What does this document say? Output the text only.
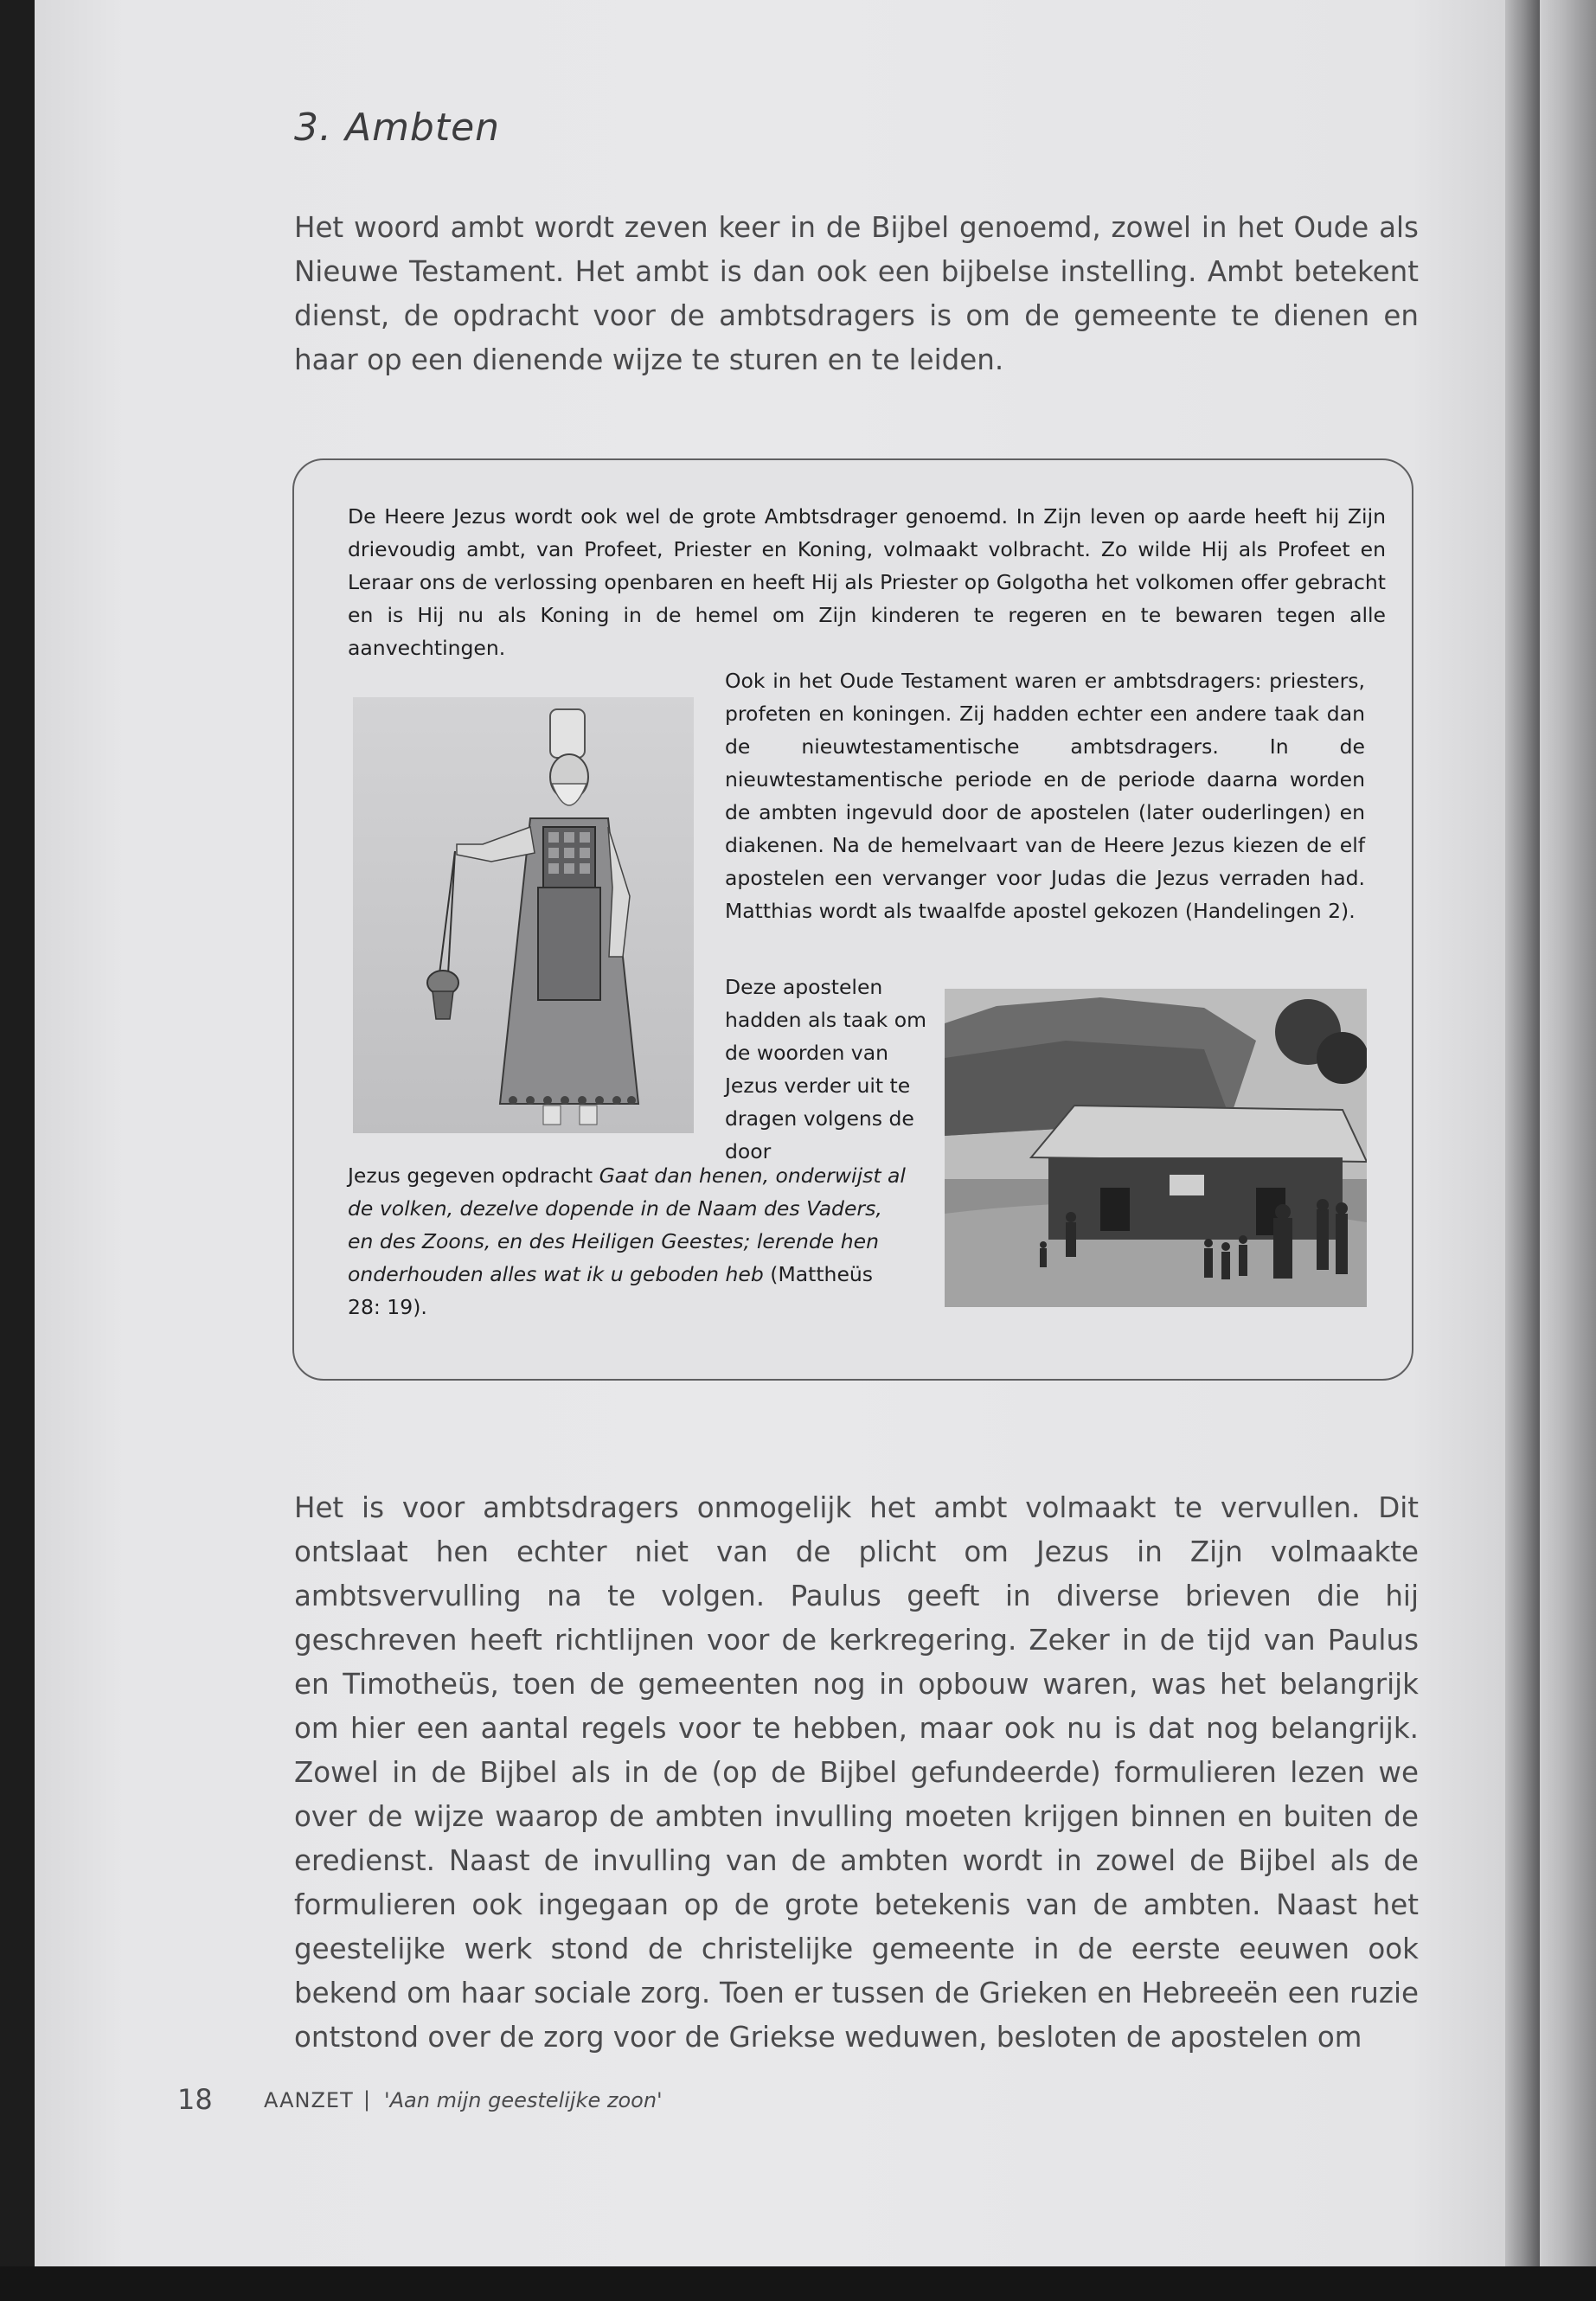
3. Ambten

Het woord ambt wordt zeven keer in de Bijbel genoemd, zowel in het Oude als Nieuwe Testament. Het ambt is dan ook een bijbelse instelling. Ambt betekent dienst, de opdracht voor de ambtsdragers is om de gemeente te dienen en haar op een dienende wijze te sturen en te leiden.

De Heere Jezus wordt ook wel de grote Ambtsdrager genoemd. In Zijn leven op aarde heeft hij Zijn drievoudig ambt, van Profeet, Priester en Koning, volmaakt volbracht. Zo wilde Hij als Profeet en Leraar ons de verlossing openbaren en heeft Hij als Priester op Golgotha het volkomen offer gebracht en is Hij nu als Koning in de hemel om Zijn kinderen te regeren en te bewaren tegen alle aanvechtingen.

Ook in het Oude Testament waren er ambtsdragers: priesters, profeten en koningen. Zij hadden echter een andere taak dan de nieuwtestamentische ambtsdragers. In de nieuwtestamentische periode en de periode daarna worden de ambten ingevuld door de apostelen (later ouderlingen) en diakenen. Na de hemelvaart van de Heere Jezus kiezen de elf apostelen een vervanger voor Judas die Jezus verraden had. Matthias wordt als twaalfde apostel gekozen (Handelingen 2).

Deze apostelen hadden als taak om de woorden van Jezus verder uit te dragen volgens de door

Jezus gegeven opdracht Gaat dan henen, onderwijst al de volken, dezelve dopende in de Naam des Vaders, en des Zoons, en des Heiligen Geestes; lerende hen onderhouden alles wat ik u geboden heb (Mattheüs 28: 19).

Het is voor ambtsdragers onmogelijk het ambt volmaakt te vervullen. Dit ontslaat hen echter niet van de plicht om Jezus in Zijn volmaakte ambtsvervulling na te volgen. Paulus geeft in diverse brieven die hij geschreven heeft richtlijnen voor de kerkregering. Zeker in de tijd van Paulus en Timotheüs, toen de gemeenten nog in opbouw waren, was het belangrijk om hier een aantal regels voor te hebben, maar ook nu is dat nog belangrijk. Zowel in de Bijbel als in de (op de Bijbel gefundeerde) formulieren lezen we over de wijze waarop de ambten invulling moeten krijgen binnen en buiten de eredienst. Naast de invulling van de ambten wordt in zowel de Bijbel als de formulieren ook ingegaan op de grote betekenis van de ambten. Naast het geestelijke werk stond de christelijke gemeente in de eerste eeuwen ook bekend om haar sociale zorg. Toen er tussen de Grieken en Hebreeën een ruzie ontstond over de zorg voor de Griekse weduwen, besloten de apostelen om

18 AANZET | 'Aan mijn geestelijke zoon'
